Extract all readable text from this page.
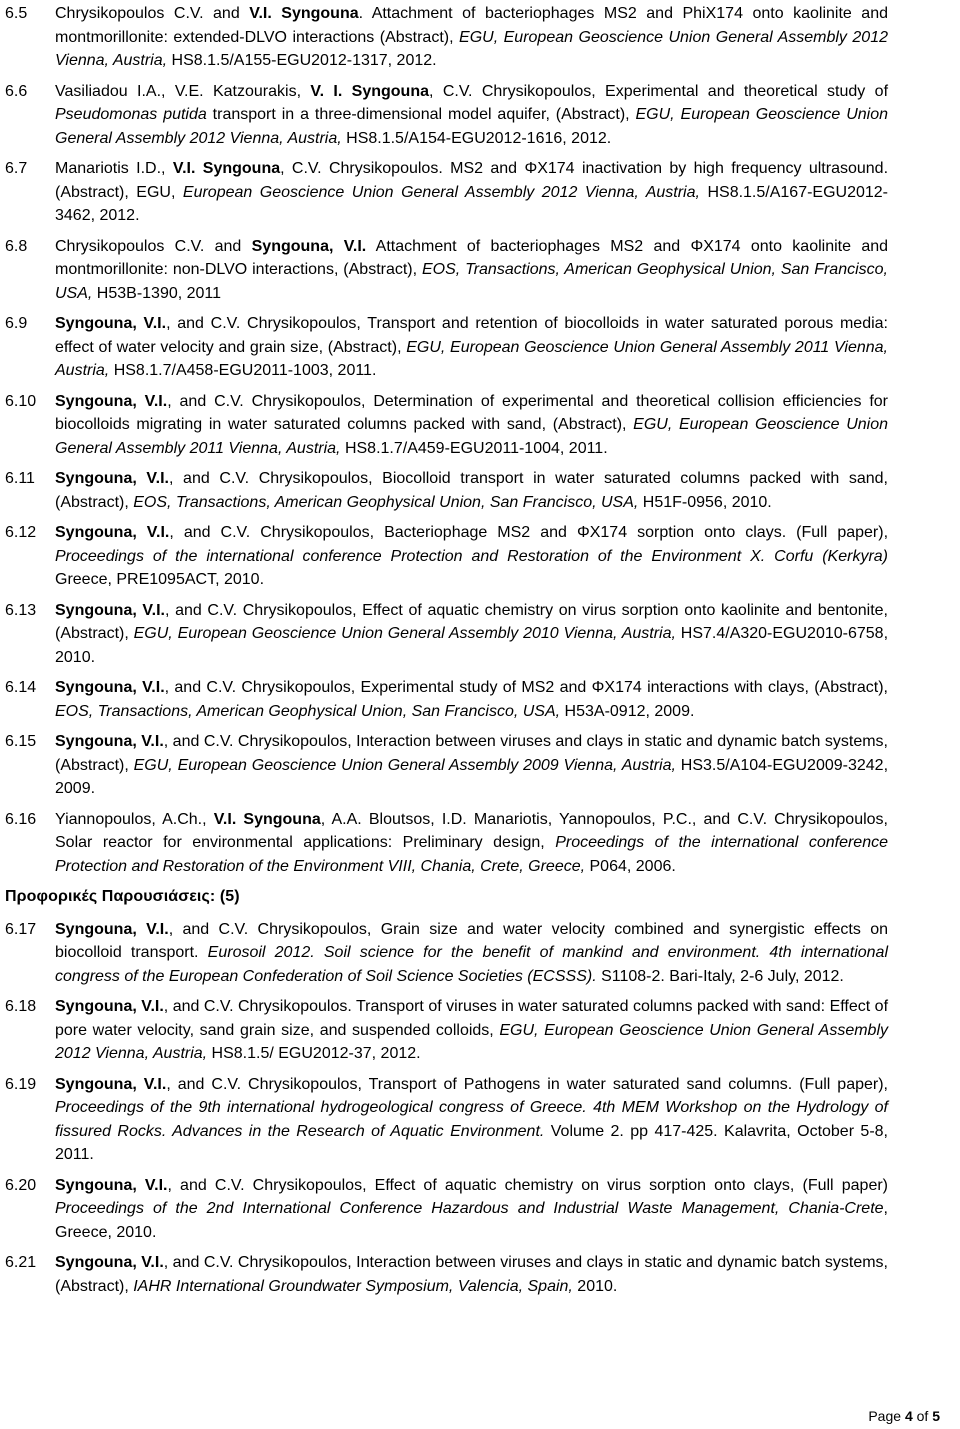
6.5	Chrysikopoulos C.V. and V.I. Syngouna. Attachment of bacteriophages MS2 and PhiX174 onto kaolinite and montmorillonite: extended-DLVO interactions (Abstract), EGU, European Geoscience Union General Assembly 2012 Vienna, Austria, HS8.1.5/A155-EGU2012-1317, 2012.
6.6	Vasiliadou I.A., V.E. Katzourakis, V. I. Syngouna, C.V. Chrysikopoulos, Experimental and theoretical study of Pseudomonas putida transport in a three-dimensional model aquifer, (Abstract), EGU, European Geoscience Union General Assembly 2012 Vienna, Austria, HS8.1.5/A154-EGU2012-1616, 2012.
6.7	Manariotis I.D., V.I. Syngouna, C.V. Chrysikopoulos. MS2 and ΦΧ174 inactivation by high frequency ultrasound. (Abstract), EGU, European Geoscience Union General Assembly 2012 Vienna, Austria, HS8.1.5/A167-EGU2012-3462, 2012.
6.8	Chrysikopoulos C.V. and Syngouna, V.I. Attachment of bacteriophages MS2 and ΦΧ174 onto kaolinite and montmorillonite: non-DLVO interactions, (Abstract), EOS, Transactions, American Geophysical Union, San Francisco, USA, H53B-1390, 2011
6.9	Syngouna, V.I., and C.V. Chrysikopoulos, Transport and retention of biocolloids in water saturated porous media: effect of water velocity and grain size, (Abstract), EGU, European Geoscience Union General Assembly 2011 Vienna, Austria, HS8.1.7/A458-EGU2011-1003, 2011.
6.10	Syngouna, V.I., and C.V. Chrysikopoulos, Determination of experimental and theoretical collision efficiencies for biocolloids migrating in water saturated columns packed with sand, (Abstract), EGU, European Geoscience Union General Assembly 2011 Vienna, Austria, HS8.1.7/A459-EGU2011-1004, 2011.
6.11	Syngouna, V.I., and C.V. Chrysikopoulos, Biocolloid transport in water saturated columns packed with sand, (Abstract), EOS, Transactions, American Geophysical Union, San Francisco, USA, H51F-0956, 2010.
6.12	Syngouna, V.I., and C.V. Chrysikopoulos, Bacteriophage MS2 and ΦΧ174 sorption onto clays. (Full paper), Proceedings of the international conference Protection and Restoration of the Environment X. Corfu (Kerkyra) Greece, PRE1095ACT, 2010.
6.13	Syngouna, V.I., and C.V. Chrysikopoulos, Effect of aquatic chemistry on virus sorption onto kaolinite and bentonite, (Abstract), EGU, European Geoscience Union General Assembly 2010 Vienna, Austria, HS7.4/A320-EGU2010-6758, 2010.
6.14	Syngouna, V.I., and C.V. Chrysikopoulos, Experimental study of MS2 and ΦΧ174 interactions with clays, (Abstract), EOS, Transactions, American Geophysical Union, San Francisco, USA, H53A-0912, 2009.
6.15	Syngouna, V.I., and C.V. Chrysikopoulos, Interaction between viruses and clays in static and dynamic batch systems, (Abstract), EGU, European Geoscience Union General Assembly 2009 Vienna, Austria, HS3.5/A104-EGU2009-3242, 2009.
6.16	Yiannopoulos, A.Ch., V.I. Syngouna, A.A. Bloutsos, I.D. Manariotis, Yannopoulos, P.C., and C.V. Chrysikopoulos, Solar reactor for environmental applications: Preliminary design, Proceedings of the international conference Protection and Restoration of the Environment VIII, Chania, Crete, Greece, P064, 2006.
Προφορικές Παρουσιάσεις: (5)
6.17	Syngouna, V.I., and C.V. Chrysikopoulos, Grain size and water velocity combined and synergistic effects on biocolloid transport. Eurosoil 2012. Soil science for the benefit of mankind and environment. 4th international congress of the European Confederation of Soil Science Societies (ECSSS). S1108-2. Bari-Italy, 2-6 July, 2012.
6.18	Syngouna, V.I., and C.V. Chrysikopoulos. Transport of viruses in water saturated columns packed with sand: Effect of pore water velocity, sand grain size, and suspended colloids, EGU, European Geoscience Union General Assembly 2012 Vienna, Austria, HS8.1.5/ EGU2012-37, 2012.
6.19	Syngouna, V.I., and C.V. Chrysikopoulos, Transport of Pathogens in water saturated sand columns. (Full paper), Proceedings of the 9th international hydrogeological congress of Greece. 4th MEM Workshop on the Hydrology of fissured Rocks. Advances in the Research of Aquatic Environment. Volume 2. pp 417-425. Kalavrita, October 5-8, 2011.
6.20	Syngouna, V.I., and C.V. Chrysikopoulos, Effect of aquatic chemistry on virus sorption onto clays, (Full paper) Proceedings of the 2nd International Conference Hazardous and Industrial Waste Management, Chania-Crete, Greece, 2010.
6.21	Syngouna, V.I., and C.V. Chrysikopoulos, Interaction between viruses and clays in static and dynamic batch systems, (Abstract), IAHR International Groundwater Symposium, Valencia, Spain, 2010.
Page 4 of 5
